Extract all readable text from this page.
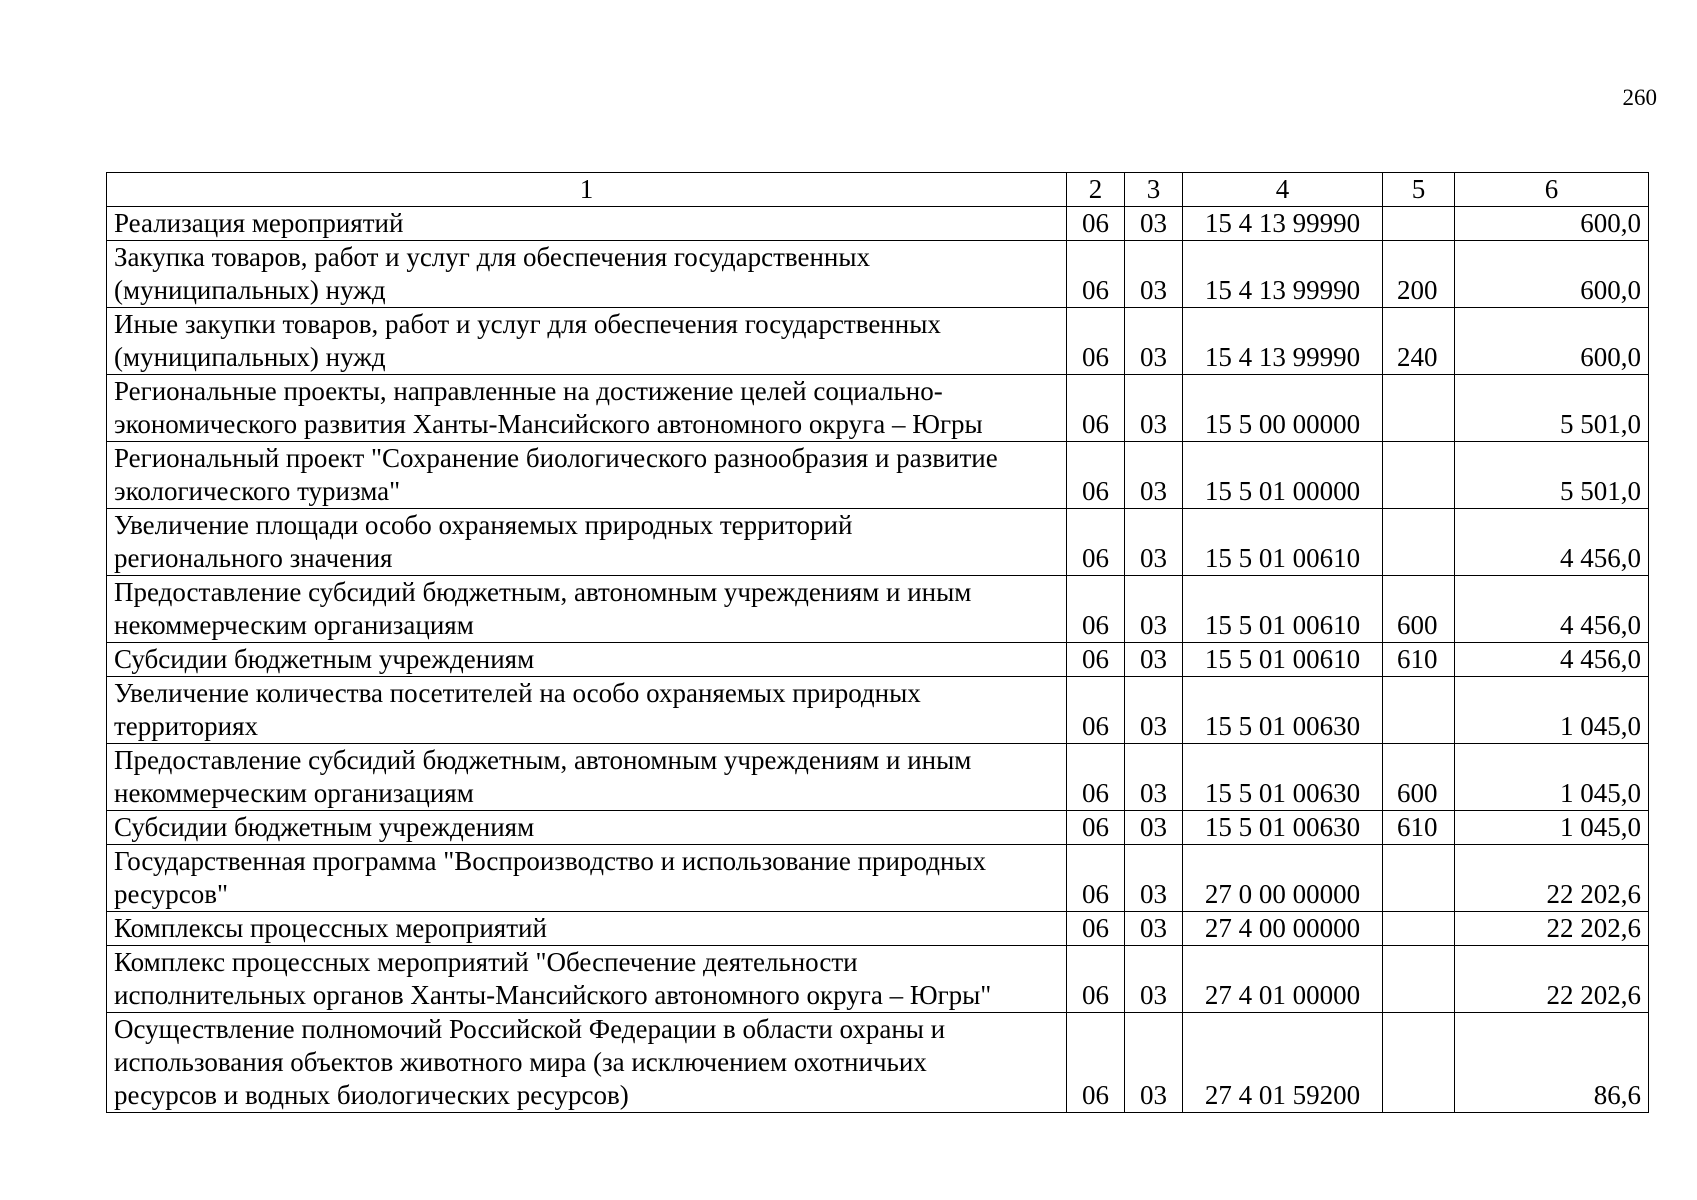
260
1	2	3	4	5	6

Реализация мероприятий	06	03	15 4 13 99990		600,0

Закупка товаров, работ и услуг для обеспечения государственных
(муниципальных) нужд	06	03	15 4 13 99990	200	600,0

Иные закупки товаров, работ и услуг для обеспечения государственных
(муниципальных) нужд	06	03	15 4 13 99990	240	600,0

Региональные проекты, направленные на достижение целей социально-
экономического развития Ханты-Мансийского автономного округа – Югры	06	03	15 5 00 00000		5 501,0

Региональный проект "Сохранение биологического разнообразия и развитие
экологического туризма"	06	03	15 5 01 00000		5 501,0

Увеличение площади особо охраняемых природных территорий
регионального значения	06	03	15 5 01 00610		4 456,0

Предоставление субсидий бюджетным, автономным учреждениям и иным
некоммерческим организациям	06	03	15 5 01 00610	600	4 456,0

Субсидии бюджетным учреждениям	06	03	15 5 01 00610	610	4 456,0

Увеличение количества посетителей на особо охраняемых природных
территориях	06	03	15 5 01 00630		1 045,0

Предоставление субсидий бюджетным, автономным учреждениям и иным
некоммерческим организациям	06	03	15 5 01 00630	600	1 045,0

Субсидии бюджетным учреждениям	06	03	15 5 01 00630	610	1 045,0

Государственная программа "Воспроизводство и использование природных
ресурсов"	06	03	27 0 00 00000		22 202,6

Комплексы процессных мероприятий	06	03	27 4 00 00000		22 202,6

Комплекс процессных мероприятий "Обеспечение деятельности
исполнительных органов Ханты-Мансийского автономного округа – Югры"	06	03	27 4 01 00000		22 202,6

Осуществление полномочий Российской Федерации в области охраны и
использования объектов животного мира (за исключением охотничьих
ресурсов и водных биологических ресурсов)	06	03	27 4 01 59200		86,6
